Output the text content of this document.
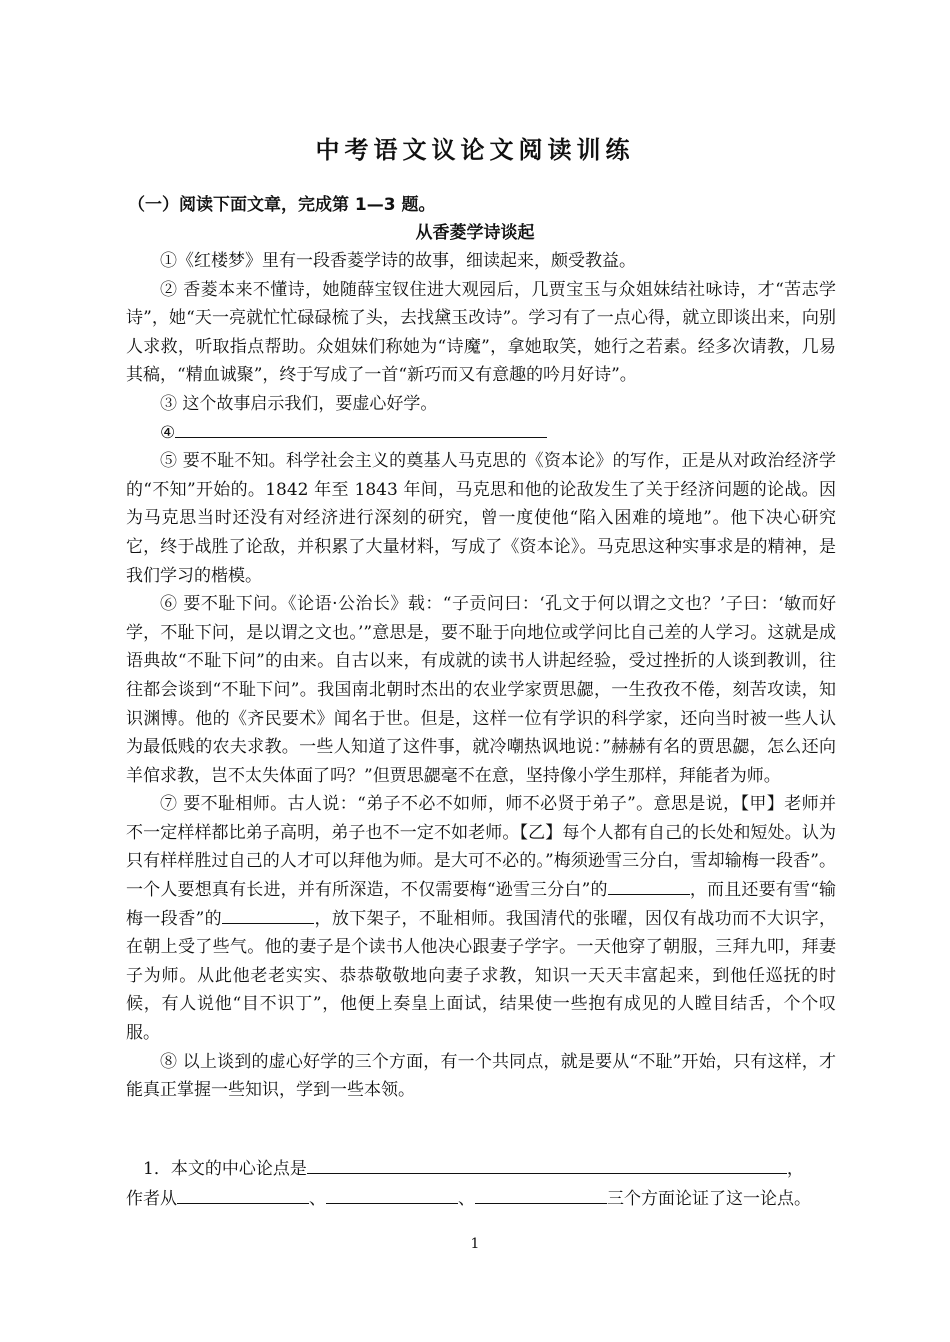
中考语文议论文阅读训练
（一）阅读下面文章，完成第 1—3 题。
从香菱学诗谈起

①《红楼梦》里有一段香菱学诗的故事，细读起来，颇受教益。

② 香菱本来不懂诗，她随薛宝钗住进大观园后，几贾宝玉与众姐妹结社咏诗，才“苦志学诗”，她“天一亮就忙忙碌碌梳了头，去找黛玉改诗”。学习有了一点心得，就立即谈出来，向别人求救，听取指点帮助。众姐妹们称她为“诗魔”，拿她取笑，她行之若素。经多次请教，几易其稿，“精血诚聚”，终于写成了一首“新巧而又有意趣的吟月好诗”。

③ 这个故事启示我们，要虚心好学。

④

⑤ 要不耻不知。科学社会主义的奠基人马克思的《资本论》的写作，正是从对政治经济学的“不知”开始的。1842 年至 1843 年间，马克思和他的论敌发生了关于经济问题的论战。因为马克思当时还没有对经济进行深刻的研究，曾一度使他“陷入困难的境地”。他下决心研究它，终于战胜了论敌，并积累了大量材料，写成了《资本论》。马克思这种实事求是的精神，是我们学习的楷模。

⑥ 要不耻下问。《论语·公治长》载：“子贡问曰：‘孔文于何以谓之文也？’子曰：‘敏而好学，不耻下问，是以谓之文也。’”意思是，要不耻于向地位或学问比自己差的人学习。这就是成语典故“不耻下问”的由来。自古以来，有成就的读书人讲起经验，受过挫折的人谈到教训，往往都会谈到“不耻下问”。我国南北朝时杰出的农业学家贾思勰，一生孜孜不倦，刻苦攻读，知识渊博。他的《齐民要术》闻名于世。但是，这样一位有学识的科学家，还向当时被一些人认为最低贱的农夫求教。一些人知道了这件事，就冷嘲热讽地说：”赫赫有名的贾思勰，怎么还向羊倌求教，岂不太失体面了吗？”但贾思勰毫不在意，坚持像小学生那样，拜能者为师。

⑦ 要不耻相师。古人说：“弟子不必不如师，师不必贤于弟子”。意思是说，【甲】老师并不一定样样都比弟子高明，弟子也不一定不如老师。【乙】每个人都有自己的长处和短处。认为只有样样胜过自己的人才可以拜他为师。是大可不必的。”梅须逊雪三分白，雪却输梅一段香”。一个人要想真有长进，并有所深造，不仅需要梅“逊雪三分白”的	，而且还要有雪“输梅一段香”的	，放下架子，不耻相师。我国清代的张曜，因仅有战功而不大识字，在朝上受了些气。他的妻子是个读书人他决心跟妻子学字。一天他穿了朝服，三拜九叩，拜妻子为师。从此他老老实实、恭恭敬敬地向妻子求教，知识一天天丰富起来，到他任巡抚的时候，有人说他“目不识丁”，他便上奏皇上面试，结果使一些抱有成见的人瞠目结舌，个个叹服。

⑧ 以上谈到的虚心好学的三个方面，有一个共同点，就是要从“不耻”开始，只有这样，才能真正掌握一些知识，学到一些本领。

1．本文的中心论点是	，

作者从	、	、	三个方面论证了这一论点。

1
